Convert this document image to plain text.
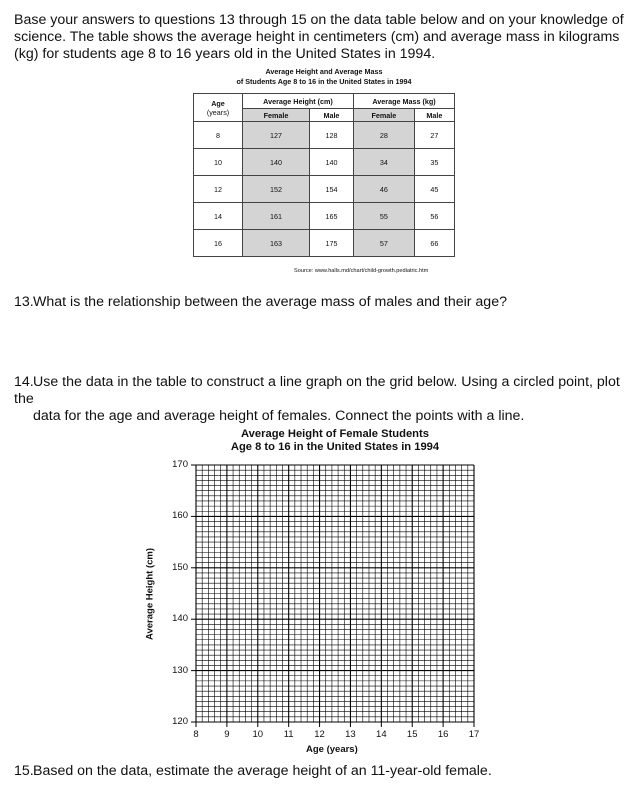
Base your answers to questions 13 through 15 on the data table below and on your knowledge of science. The table shows the average height in centimeters (cm) and average mass in kilograms (kg) for students age 8 to 16 years old in the United States in 1994.

Average Height and Average Mass
of Students Age 8 to 16 in the United States in 1994
Age
(years)	Average Height (cm)		Average Mass (kg)	
	Female	Male	Female	Male
8	127	128	28	27
10	140	140	34	35
12	152	154	46	45
14	161	165	55	56
16	163	175	57	66
Source: www.halls.md/chart/child-growth.pediatric.htm

13.What is the relationship between the average mass of males and their age?

14.Use the data in the table to construct a line graph on the grid below. Using a circled point, plot the
data for the age and average height of females. Connect the points with a line.

Average Height of Female Students
Age 8 to 16 in the United States in 1994
170
160
150
140
130
120
8	9	10	11	12	13	14	15	16	17
Average Height (cm)
Age (years)

15.Based on the data, estimate the average height of an 11-year-old female.
